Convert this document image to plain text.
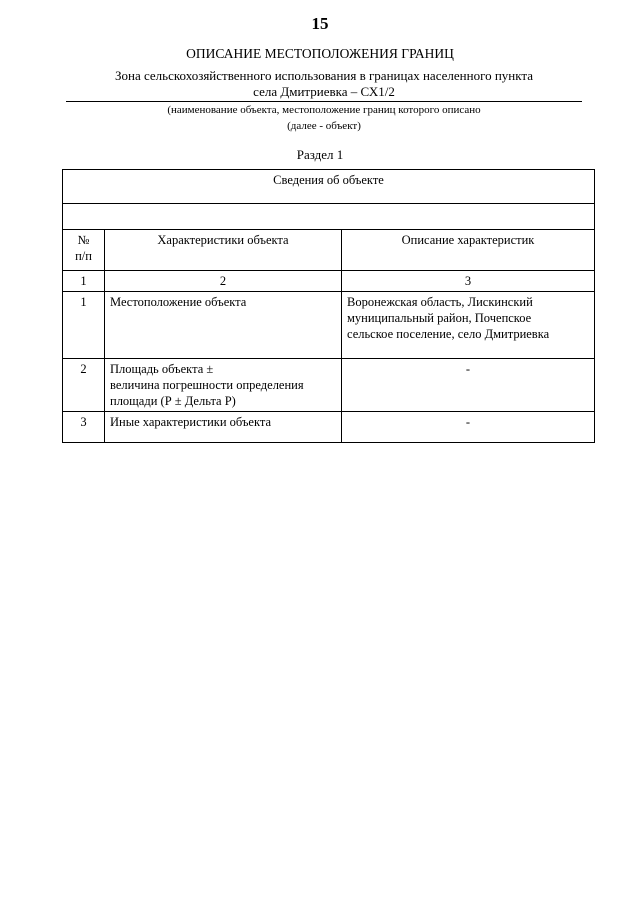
15
ОПИСАНИЕ МЕСТОПОЛОЖЕНИЯ ГРАНИЦ
Зона сельскохозяйственного использования в границах населенного пункта
села Дмитриевка – СХ1/2
(наименование объекта, местоположение границ которого описано
(далее - объект)
Раздел 1
Сведения об объекте		

№
п/п	Характеристики объекта	Описание характеристик
1	2	3
1	Местоположение объекта	Воронежская область, Лискинский
муниципальный район, Почепское
сельское поселение, село Дмитриевка

2	Площадь объекта ±
величина погрешности определения
площади (Р ± Дельта Р)	-
3	Иные характеристики объекта	-
